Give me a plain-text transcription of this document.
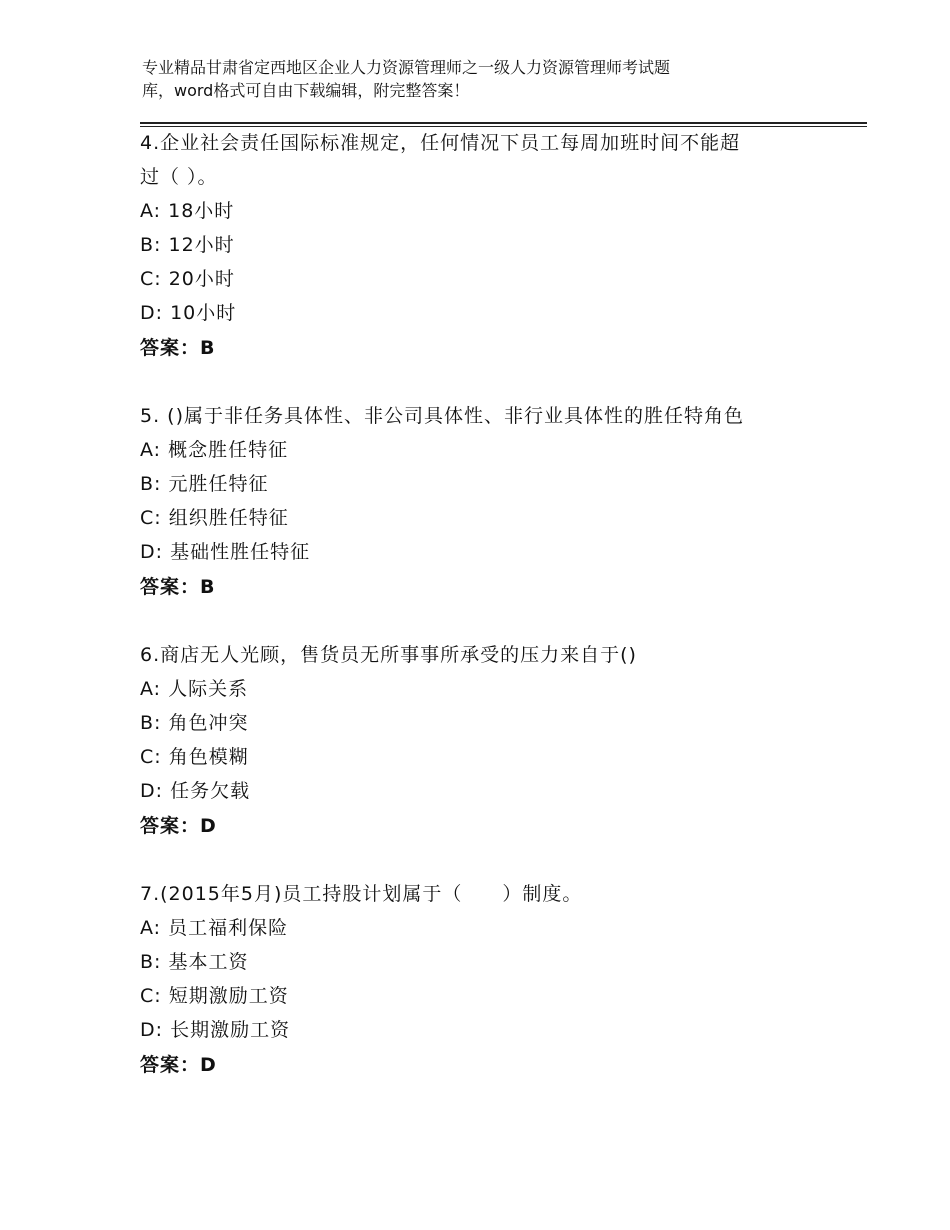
专业精品甘肃省定西地区企业人力资源管理师之一级人力资源管理师考试题
库，word格式可自由下载编辑，附完整答案！
4.企业社会责任国际标准规定，任何情况下员工每周加班时间不能超
过（ ）。
A: 18小时
B: 12小时
C: 20小时
D: 10小时
答案：B
5. ()属于非任务具体性、非公司具体性、非行业具体性的胜任特角色
A: 概念胜任特征
B: 元胜任特征
C: 组织胜任特征
D: 基础性胜任特征
答案：B
6.商店无人光顾，售货员无所事事所承受的压力来自于()
A: 人际关系
B: 角色冲突
C: 角色模糊
D: 任务欠载
答案：D
7.(2015年5月)员工持股计划属于（　　）制度。
A: 员工福利保险
B: 基本工资
C: 短期激励工资
D: 长期激励工资
答案：D
